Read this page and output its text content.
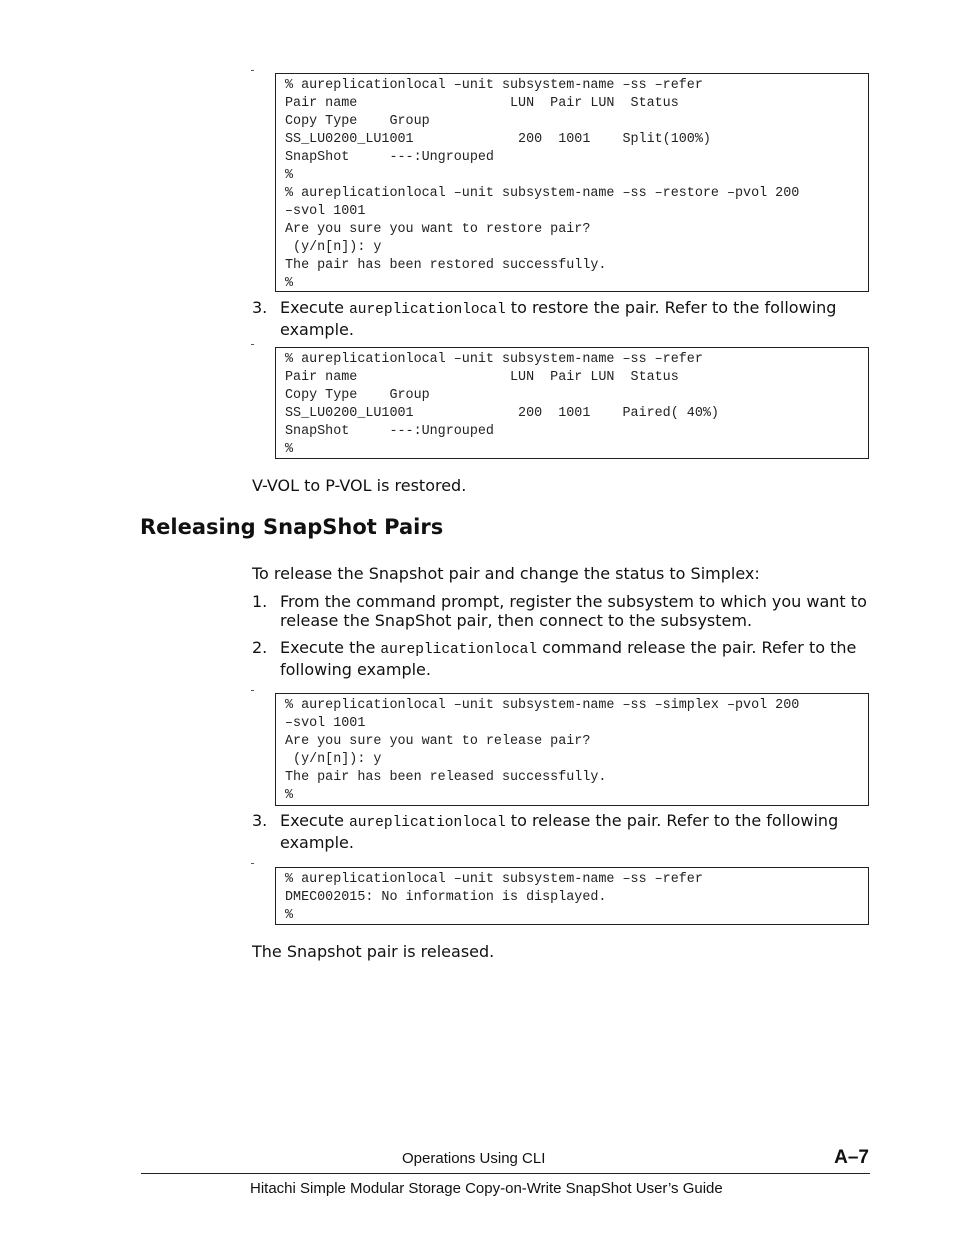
% aureplicationlocal –unit subsystem-name –ss –refer
Pair name                   LUN  Pair LUN  Status
Copy Type    Group
SS_LU0200_LU1001             200  1001    Split(100%)
SnapShot     ---:Ungrouped
%
% aureplicationlocal –unit subsystem-name –ss –restore –pvol 200
–svol 1001
Are you sure you want to restore pair?
(y/n[n]): y
The pair has been restored successfully.
%
3. Execute aureplicationlocal to restore the pair. Refer to the following example.
% aureplicationlocal –unit subsystem-name –ss –refer
Pair name                   LUN  Pair LUN  Status
Copy Type    Group
SS_LU0200_LU1001             200  1001    Paired( 40%)
SnapShot     ---:Ungrouped
%
V-VOL to P-VOL is restored.
Releasing SnapShot Pairs
To release the Snapshot pair and change the status to Simplex:
1. From the command prompt, register the subsystem to which you want to release the SnapShot pair, then connect to the subsystem.
2. Execute the aureplicationlocal command release the pair. Refer to the following example.
% aureplicationlocal –unit subsystem-name –ss –simplex –pvol 200
–svol 1001
Are you sure you want to release pair?
(y/n[n]): y
The pair has been released successfully.
%
3. Execute aureplicationlocal to release the pair. Refer to the following example.
% aureplicationlocal –unit subsystem-name –ss –refer
DMEC002015: No information is displayed.
%
The Snapshot pair is released.
Operations Using CLI	A–7
Hitachi Simple Modular Storage Copy-on-Write SnapShot User’s Guide
